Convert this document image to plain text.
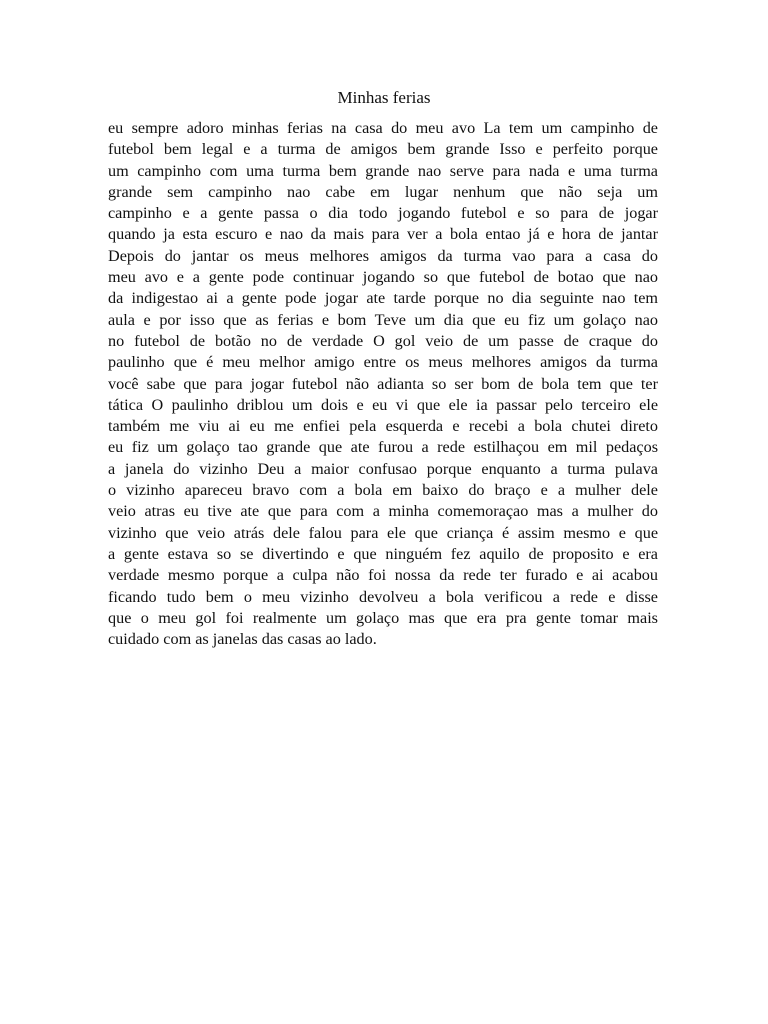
Minhas ferias
eu sempre adoro minhas ferias na casa do meu avo La tem um campinho de
futebol bem legal e a turma de amigos bem grande Isso e perfeito porque
um campinho com uma turma bem grande nao serve para nada e uma turma
grande sem campinho nao cabe em lugar nenhum que não seja um
campinho e a gente passa o dia todo jogando futebol e so para de jogar
quando ja esta escuro e nao da mais para ver a bola entao já e hora de jantar
Depois do jantar os meus melhores amigos da turma vao para a casa do
meu avo e a gente pode continuar jogando so que futebol de botao que nao
da indigestao ai a gente pode jogar ate tarde porque no dia seguinte nao tem
aula e por isso que as ferias e bom Teve um dia que eu fiz um golaço nao
no futebol de botão no de verdade O gol veio de um passe de craque do
paulinho que é meu melhor amigo entre os meus melhores amigos da turma
você sabe que para jogar futebol não adianta so ser bom de bola tem que ter
tática O paulinho driblou um dois e eu vi que ele ia passar pelo terceiro ele
também me viu ai eu me enfiei pela esquerda e recebi a bola chutei direto
eu fiz um golaço tao grande que ate furou a rede estilhaçou em mil pedaços
a janela do vizinho Deu a maior confusao porque enquanto a turma pulava
o vizinho apareceu bravo com a bola em baixo do braço e a mulher dele
veio atras eu tive ate que para com a minha comemoraçao mas a mulher do
vizinho que veio atrás dele falou para ele que criança é assim mesmo e que
a gente estava so se divertindo e que ninguém fez aquilo de proposito e era
verdade mesmo porque a culpa não foi nossa da rede ter furado e ai acabou
ficando tudo bem o meu vizinho devolveu a bola verificou a rede e disse
que o meu gol foi realmente um golaço mas que era pra gente tomar mais
cuidado com as janelas das casas ao lado.
